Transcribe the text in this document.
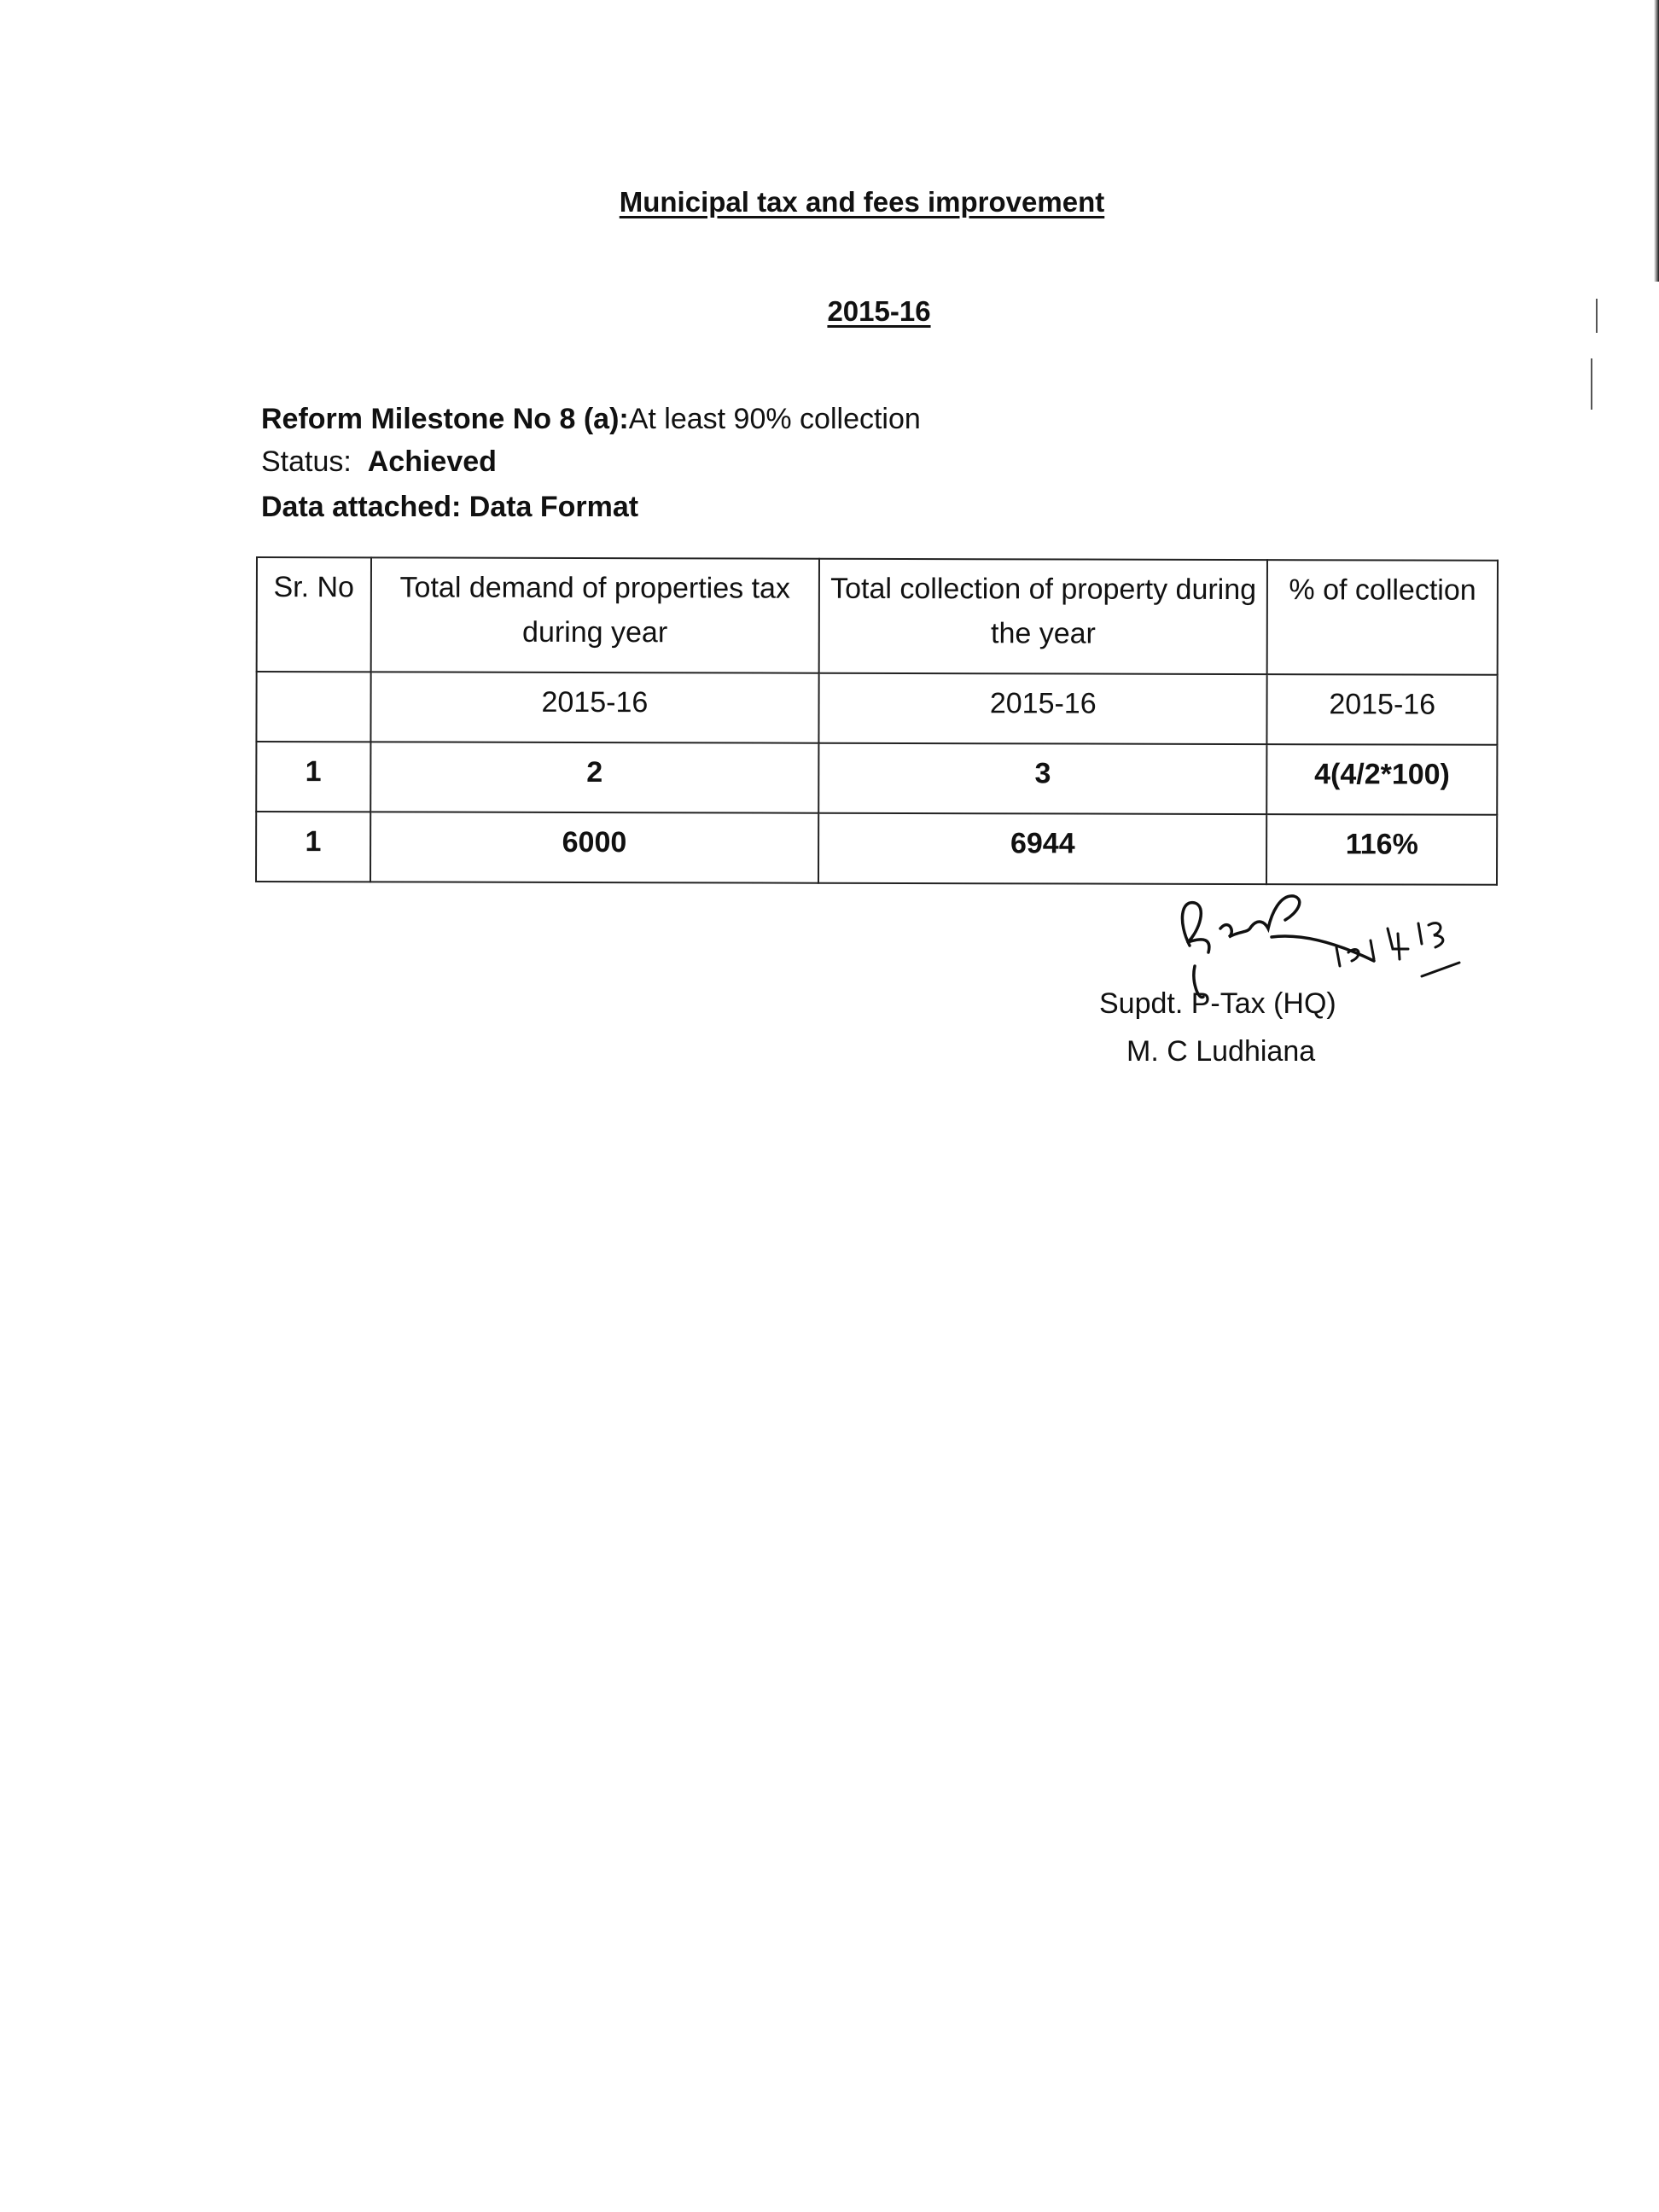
Municipal tax and fees improvement
2015-16
Reform Milestone No 8 (a):At least 90% collection
Status: Achieved
Data attached: Data Format
Sr. No	Total demand of properties tax during year	Total collection of property during the year	% of collection
	2015-16	2015-16	2015-16
1	2	3	4(4/2*100)
1	6000	6944	116%
Supdt. P-Tax (HQ)
M. C Ludhiana
